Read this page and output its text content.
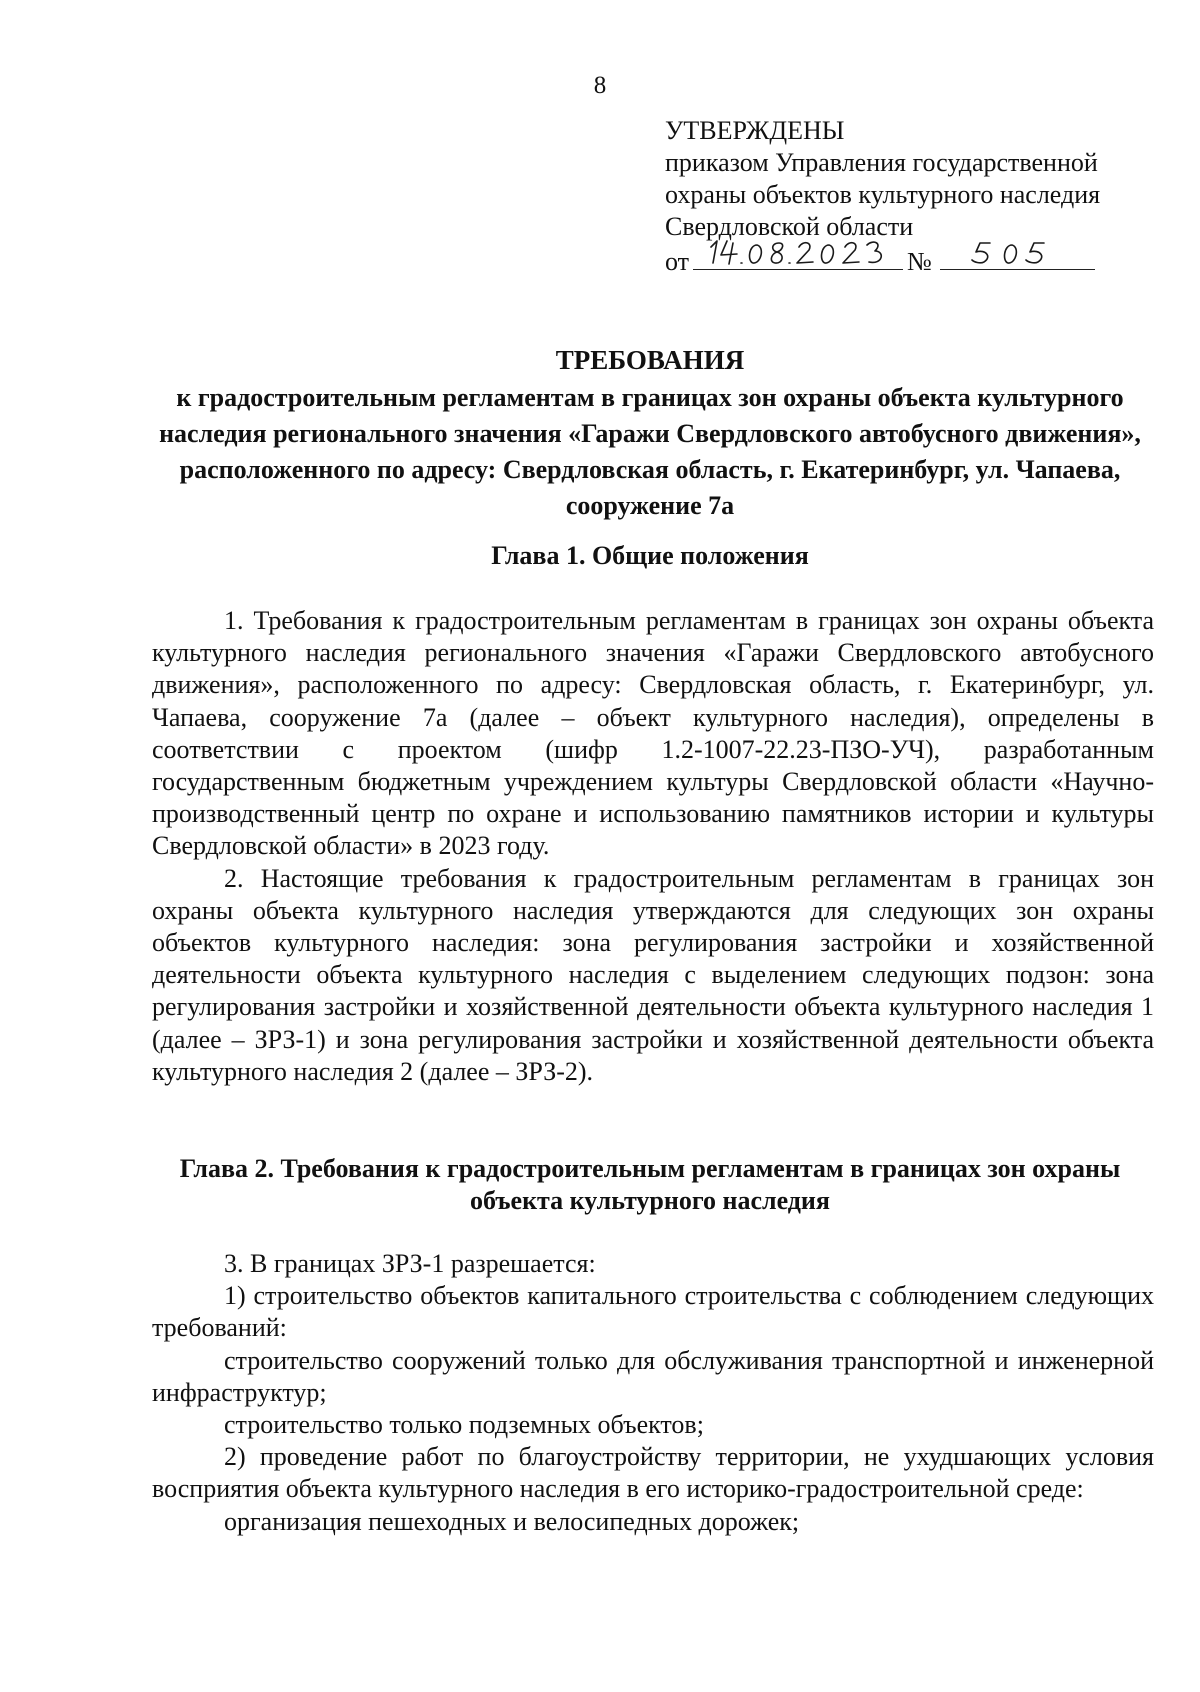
8
УТВЕРЖДЕНЫ
приказом Управления государственной
охраны объектов культурного наследия
Свердловской области
от	№
ТРЕБОВАНИЯ
к градостроительным регламентам в границах зон охраны объекта культурного наследия регионального значения «Гаражи Свердловского автобусного движения», расположенного по адресу: Свердловская область, г. Екатеринбург, ул. Чапаева, сооружение 7а
Глава 1. Общие положения

1. Требования к градостроительным регламентам в границах зон охраны объекта культурного наследия регионального значения «Гаражи Свердловского автобусного движения», расположенного по адресу: Свердловская область, г. Екатеринбург, ул. Чапаева, сооружение 7а (далее – объект культурного наследия), определены в соответствии с проектом (шифр 1.2-1007-22.23-ПЗО-УЧ), разработанным государственным бюджетным учреждением культуры Свердловской области «Научно-производственный центр по охране и использованию памятников истории и культуры Свердловской области» в 2023 году.

2. Настоящие требования к градостроительным регламентам в границах зон охраны объекта культурного наследия утверждаются для следующих зон охраны объектов культурного наследия: зона регулирования застройки и хозяйственной деятельности объекта культурного наследия с выделением следующих подзон: зона регулирования застройки и хозяйственной деятельности объекта культурного наследия 1 (далее – ЗРЗ-1) и зона регулирования застройки и хозяйственной деятельности объекта культурного наследия 2 (далее – ЗРЗ-2).

Глава 2. Требования к градостроительным регламентам в границах зон охраны объекта культурного наследия

3. В границах ЗРЗ-1 разрешается:

1) строительство объектов капитального строительства с соблюдением следующих требований:

строительство сооружений только для обслуживания транспортной и инженерной инфраструктур;

строительство только подземных объектов;

2) проведение работ по благоустройству территории, не ухудшающих условия восприятия объекта культурного наследия в его историко-градостроительной среде:

организация пешеходных и велосипедных дорожек;
